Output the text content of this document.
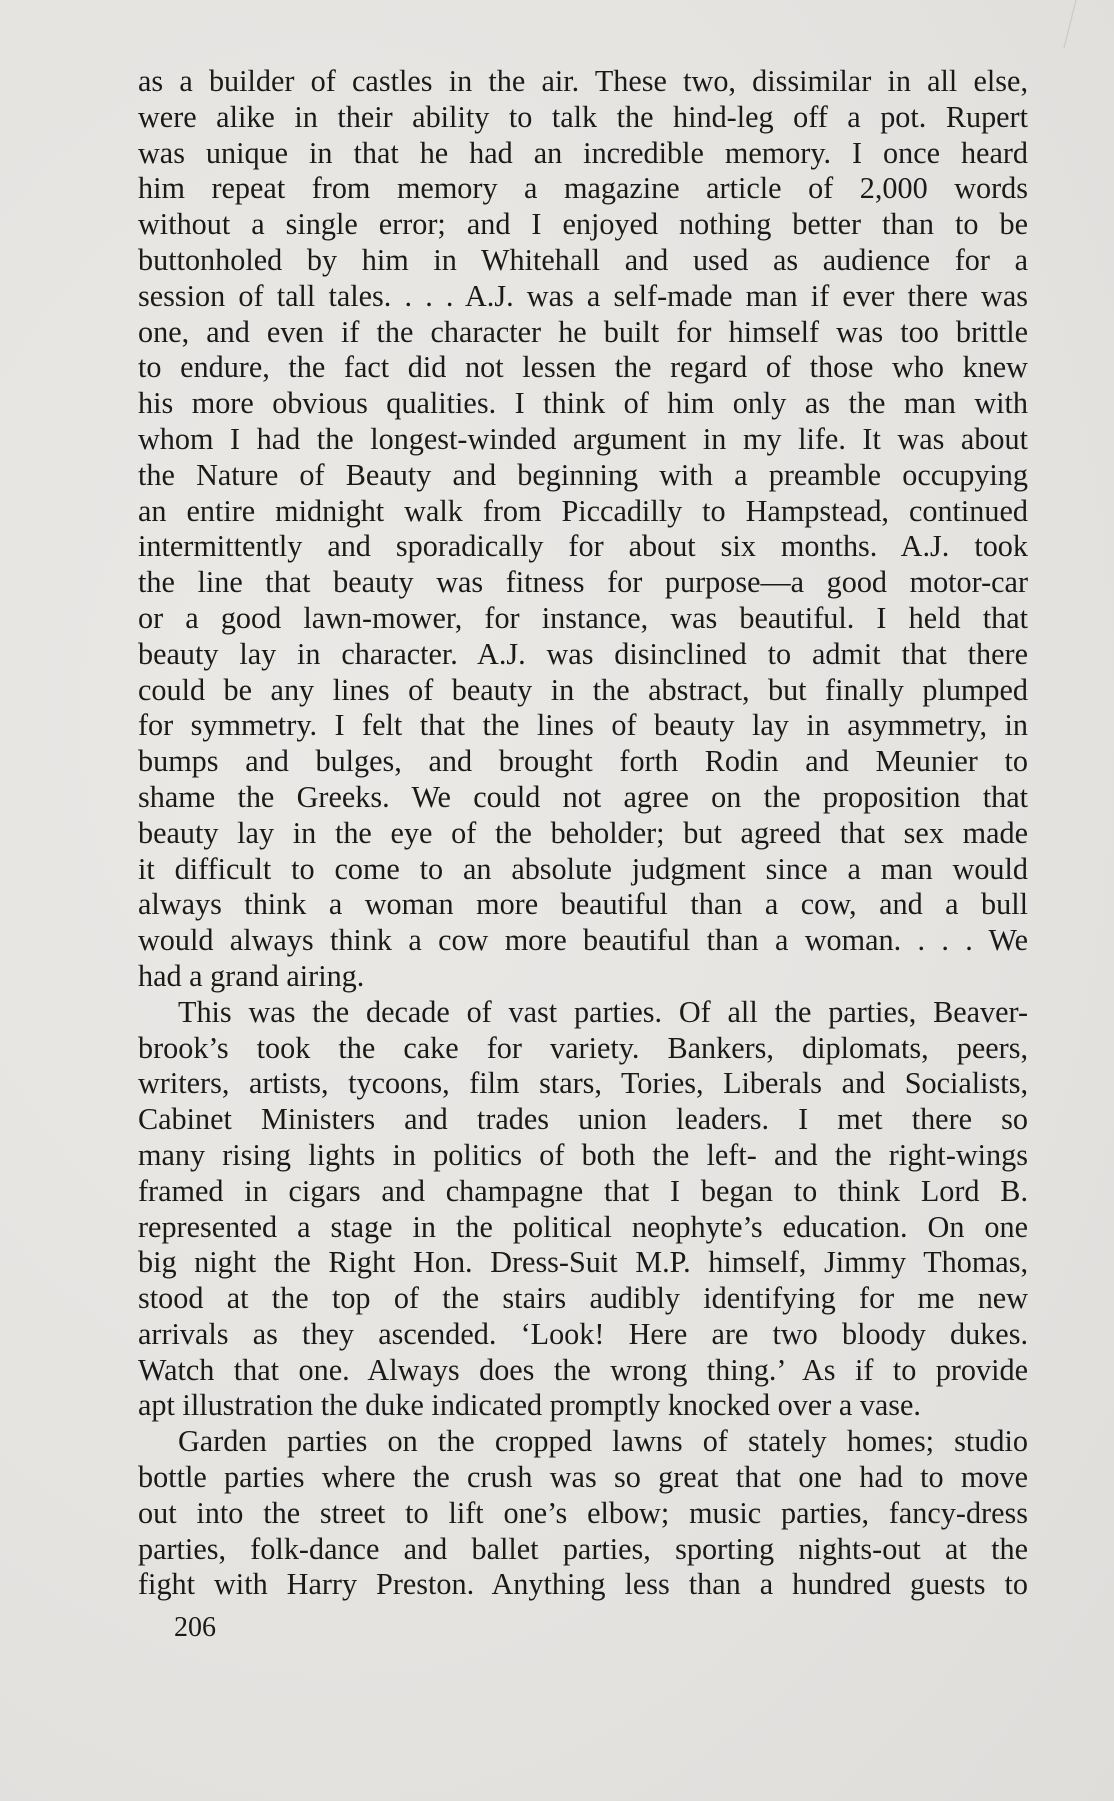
as a builder of castles in the air. These two, dissimilar in all else,
were alike in their ability to talk the hind-leg off a pot. Rupert
was unique in that he had an incredible memory. I once heard
him repeat from memory a magazine article of 2,000 words
without a single error; and I enjoyed nothing better than to be
buttonholed by him in Whitehall and used as audience for a
session of tall tales. . . . A.J. was a self-made man if ever there was
one, and even if the character he built for himself was too brittle
to endure, the fact did not lessen the regard of those who knew
his more obvious qualities. I think of him only as the man with
whom I had the longest-winded argument in my life. It was about
the Nature of Beauty and beginning with a preamble occupying
an entire midnight walk from Piccadilly to Hampstead, continued
intermittently and sporadically for about six months. A.J. took
the line that beauty was fitness for purpose—a good motor-car
or a good lawn-mower, for instance, was beautiful. I held that
beauty lay in character. A.J. was disinclined to admit that there
could be any lines of beauty in the abstract, but finally plumped
for symmetry. I felt that the lines of beauty lay in asymmetry, in
bumps and bulges, and brought forth Rodin and Meunier to
shame the Greeks. We could not agree on the proposition that
beauty lay in the eye of the beholder; but agreed that sex made
it difficult to come to an absolute judgment since a man would
always think a woman more beautiful than a cow, and a bull
would always think a cow more beautiful than a woman. . . . We
had a grand airing.
This was the decade of vast parties. Of all the parties, Beaver-
brook’s took the cake for variety. Bankers, diplomats, peers,
writers, artists, tycoons, film stars, Tories, Liberals and Socialists,
Cabinet Ministers and trades union leaders. I met there so
many rising lights in politics of both the left- and the right-wings
framed in cigars and champagne that I began to think Lord B.
represented a stage in the political neophyte’s education. On one
big night the Right Hon. Dress-Suit M.P. himself, Jimmy Thomas,
stood at the top of the stairs audibly identifying for me new
arrivals as they ascended. ‘Look! Here are two bloody dukes.
Watch that one. Always does the wrong thing.’ As if to provide
apt illustration the duke indicated promptly knocked over a vase.
Garden parties on the cropped lawns of stately homes; studio
bottle parties where the crush was so great that one had to move
out into the street to lift one’s elbow; music parties, fancy-dress
parties, folk-dance and ballet parties, sporting nights-out at the
fight with Harry Preston. Anything less than a hundred guests to
206
